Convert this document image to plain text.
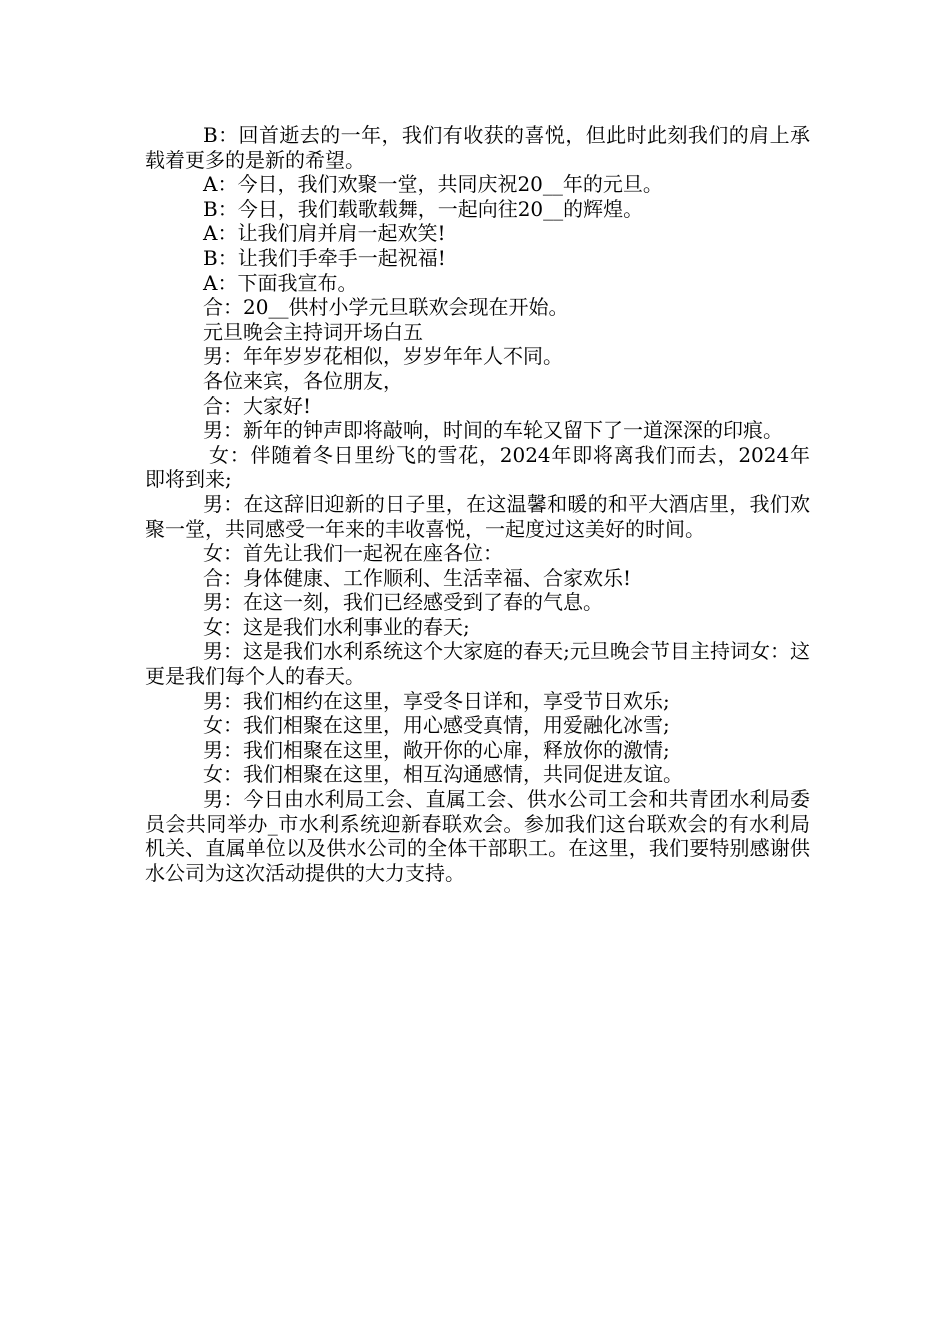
B：回首逝去的一年，我们有收获的喜悦，但此时此刻我们的肩上承载着更多的是新的希望。

A：今日，我们欢聚一堂，共同庆祝20__年的元旦。

B：今日，我们载歌载舞，一起向往20__的辉煌。

A：让我们肩并肩一起欢笑!

B：让我们手牵手一起祝福!

A：下面我宣布。

合：20__供村小学元旦联欢会现在开始。

元旦晚会主持词开场白五

男：年年岁岁花相似，岁岁年年人不同。

各位来宾，各位朋友，

合：大家好!

男：新年的钟声即将敲响，时间的车轮又留下了一道深深的印痕。

女：伴随着冬日里纷飞的雪花，2024年即将离我们而去，2024年即将到来;

男：在这辞旧迎新的日子里，在这温馨和暖的和平大酒店里，我们欢聚一堂，共同感受一年来的丰收喜悦，一起度过这美好的时间。

女：首先让我们一起祝在座各位：

合：身体健康、工作顺利、生活幸福、合家欢乐!

男：在这一刻，我们已经感受到了春的气息。

女：这是我们水利事业的春天;

男：这是我们水利系统这个大家庭的春天;元旦晚会节目主持词女：这更是我们每个人的春天。

男：我们相约在这里，享受冬日详和，享受节日欢乐;

女：我们相聚在这里，用心感受真情，用爱融化冰雪;

男：我们相聚在这里，敞开你的心扉，释放你的激情;

女：我们相聚在这里，相互沟通感情，共同促进友谊。

男：今日由水利局工会、直属工会、供水公司工会和共青团水利局委员会共同举办_市水利系统迎新春联欢会。参加我们这台联欢会的有水利局机关、直属单位以及供水公司的全体干部职工。在这里，我们要特别感谢供水公司为这次活动提供的大力支持。
